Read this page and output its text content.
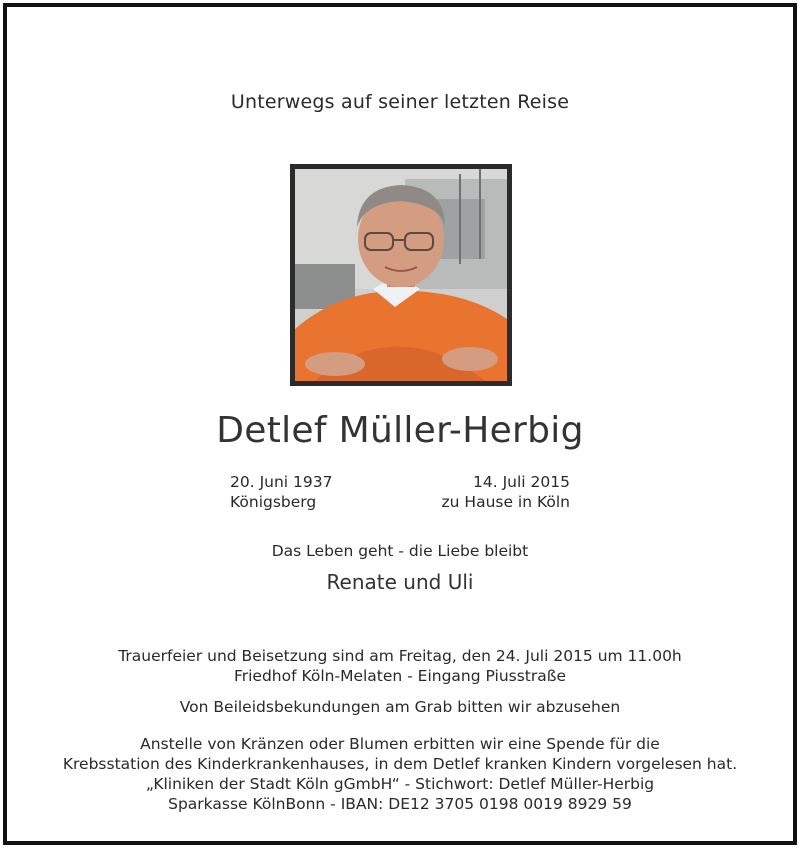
Unterwegs auf seiner letzten Reise
Detlef Müller-Herbig
20. Juni 1937
Königsberg
14. Juli 2015
zu Hause in Köln
Das Leben geht - die Liebe bleibt
Renate und Uli
Trauerfeier und Beisetzung sind am Freitag, den 24. Juli 2015 um 11.00h
Friedhof Köln-Melaten - Eingang Piusstraße
Von Beileidsbekundungen am Grab bitten wir abzusehen
Anstelle von Kränzen oder Blumen erbitten wir eine Spende für die
Krebsstation des Kinderkrankenhauses, in dem Detlef kranken Kindern vorgelesen hat.
„Kliniken der Stadt Köln gGmbH“ - Stichwort: Detlef Müller-Herbig
Sparkasse KölnBonn - IBAN: DE12 3705 0198 0019 8929 59
